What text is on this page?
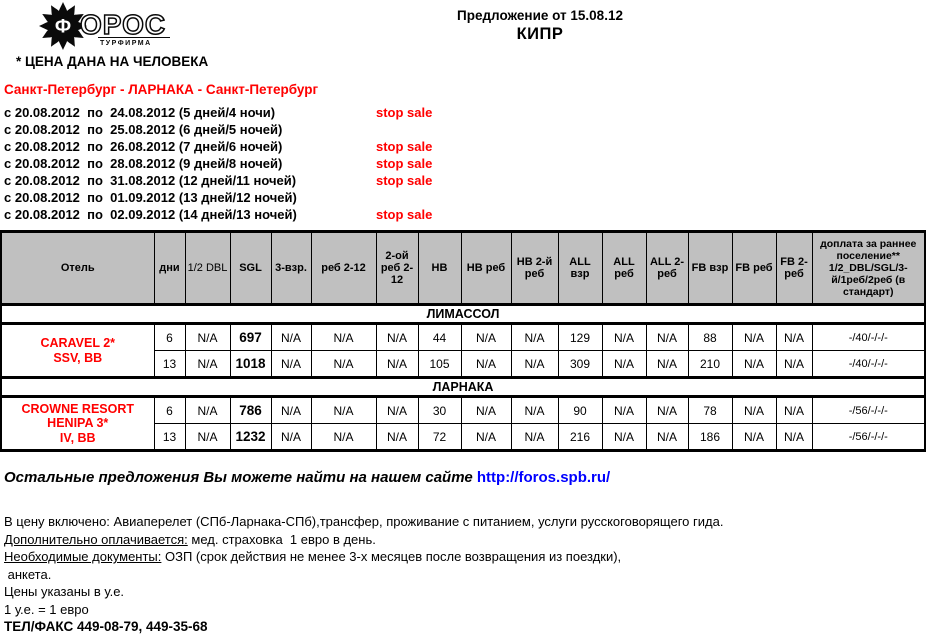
Ф ОРОС
ТУРФИРМА
Предложение от 15.08.12
КИПР
* ЦЕНА ДАНА НА ЧЕЛОВЕКА
Санкт-Петербург - ЛАРНАКА - Санкт-Петербург
с 20.08.2012  по  24.08.2012 (5 дней/4 ночи)	stop sale
с 20.08.2012  по  25.08.2012 (6 дней/5 ночей)
с 20.08.2012  по  26.08.2012 (7 дней/6 ночей)	stop sale
с 20.08.2012  по  28.08.2012 (9 дней/8 ночей)	stop sale
с 20.08.2012  по  31.08.2012 (12 дней/11 ночей)	stop sale
с 20.08.2012  по  01.09.2012 (13 дней/12 ночей)
с 20.08.2012  по  02.09.2012 (14 дней/13 ночей)	stop sale
Отель	дни	1/2 DBL	SGL	3-взр.	реб 2-12	2-ой реб 2-12	НВ	НВ реб	НВ 2-й реб	ALL взр	ALL реб	ALL 2-реб	FB взр	FB реб	FB 2-реб	доплата за раннее поселение** 1/2_DBL/SGL/3-й/1реб/2реб (в стандарт)
ЛИМАССОЛ																

CARAVEL 2*
SSV, BB	6	N/A	697	N/A	N/A	N/A	44	N/A	N/A	129	N/A	N/A	88	N/A	N/A	-/40/-/-/-
	13	N/A	1018	N/A	N/A	N/A	105	N/A	N/A	309	N/A	N/A	210	N/A	N/A	-/40/-/-/-
ЛАРНАКА																

CROWNE RESORT
HENIPA 3*
IV, BB	6	N/A	786	N/A	N/A	N/A	30	N/A	N/A	90	N/A	N/A	78	N/A	N/A	-/56/-/-/-
	13	N/A	1232	N/A	N/A	N/A	72	N/A	N/A	216	N/A	N/A	186	N/A	N/A	-/56/-/-/-
Остальные предложения Вы можете найти на нашем сайте http://foros.spb.ru/
В цену включено: Авиаперелет (СПб-Ларнака-СПб),трансфер, проживание с питанием, услуги русскоговорящего гида.
Дополнительно оплачивается: мед. страховка  1 евро в день.
Необходимые документы: ОЗП (срок действия не менее 3-х месяцев после возвращения из поездки),
анкета.
Цены указаны в у.е.
1 у.е. = 1 евро
ТЕЛ/ФАКС 449-08-79, 449-35-68
